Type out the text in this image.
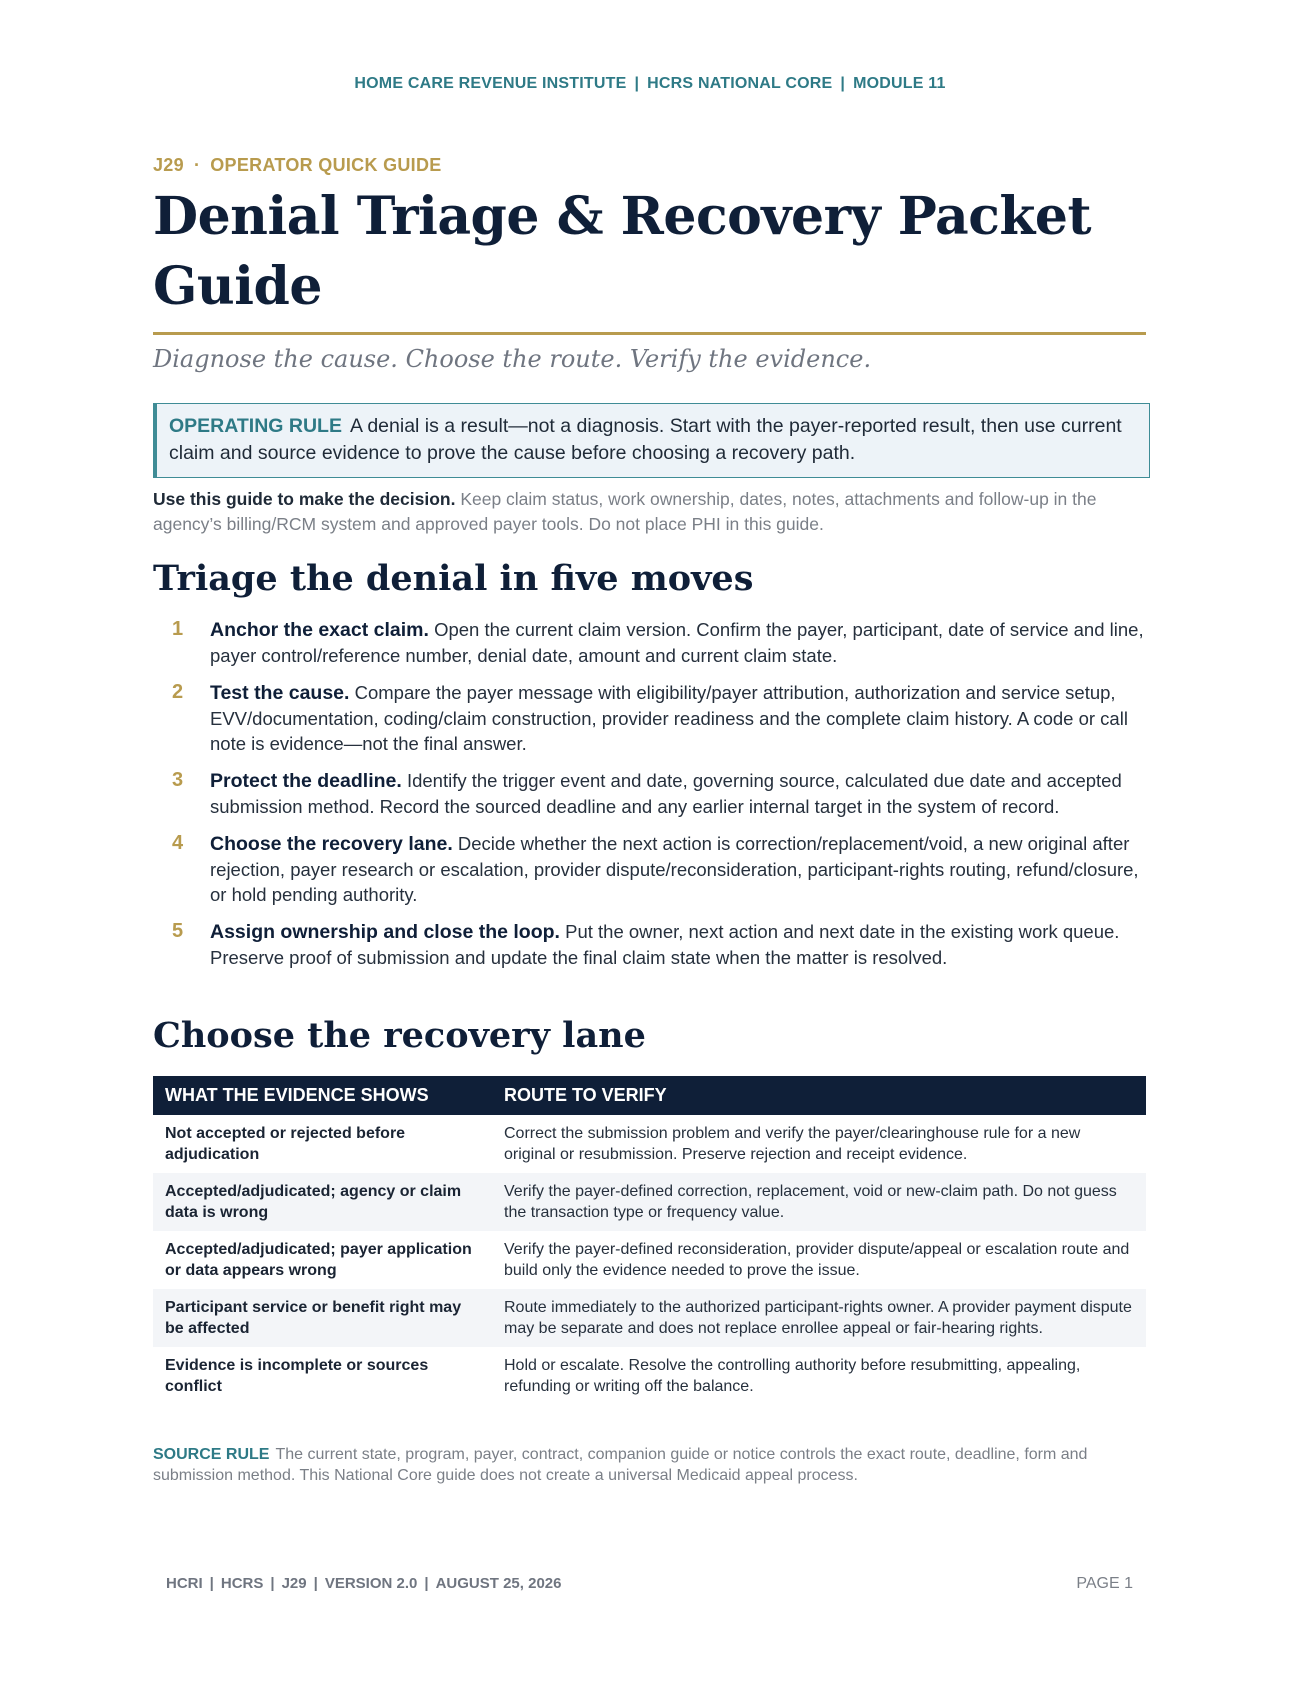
HOME CARE REVENUE INSTITUTE | HCRS NATIONAL CORE | MODULE 11
J29 · OPERATOR QUICK GUIDE
Denial Triage & Recovery Packet Guide
Diagnose the cause. Choose the route. Verify the evidence.
OPERATING RULE A denial is a result—not a diagnosis. Start with the payer-reported result, then use current claim and source evidence to prove the cause before choosing a recovery path.
Use this guide to make the decision. Keep claim status, work ownership, dates, notes, attachments and follow-up in the agency’s billing/RCM system and approved payer tools. Do not place PHI in this guide.
Triage the denial in five moves
1 Anchor the exact claim. Open the current claim version. Confirm the payer, participant, date of service and line, payer control/reference number, denial date, amount and current claim state.
2 Test the cause. Compare the payer message with eligibility/payer attribution, authorization and service setup, EVV/documentation, coding/claim construction, provider readiness and the complete claim history. A code or call note is evidence—not the final answer.
3 Protect the deadline. Identify the trigger event and date, governing source, calculated due date and accepted submission method. Record the sourced deadline and any earlier internal target in the system of record.
4 Choose the recovery lane. Decide whether the next action is correction/replacement/void, a new original after rejection, payer research or escalation, provider dispute/reconsideration, participant-rights routing, refund/closure, or hold pending authority.
5 Assign ownership and close the loop. Put the owner, next action and next date in the existing work queue. Preserve proof of submission and update the final claim state when the matter is resolved.
Choose the recovery lane
WHAT THE EVIDENCE SHOWS	ROUTE TO VERIFY
Not accepted or rejected before adjudication	Correct the submission problem and verify the payer/clearinghouse rule for a new original or resubmission. Preserve rejection and receipt evidence.
Accepted/adjudicated; agency or claim data is wrong	Verify the payer-defined correction, replacement, void or new-claim path. Do not guess the transaction type or frequency value.
Accepted/adjudicated; payer application or data appears wrong	Verify the payer-defined reconsideration, provider dispute/appeal or escalation route and build only the evidence needed to prove the issue.
Participant service or benefit right may be affected	Route immediately to the authorized participant-rights owner. A provider payment dispute may be separate and does not replace enrollee appeal or fair-hearing rights.
Evidence is incomplete or sources conflict	Hold or escalate. Resolve the controlling authority before resubmitting, appealing, refunding or writing off the balance.
SOURCE RULE The current state, program, payer, contract, companion guide or notice controls the exact route, deadline, form and submission method. This National Core guide does not create a universal Medicaid appeal process.
HCRI | HCRS | J29 | VERSION 2.0 | AUGUST 25, 2026	PAGE 1
